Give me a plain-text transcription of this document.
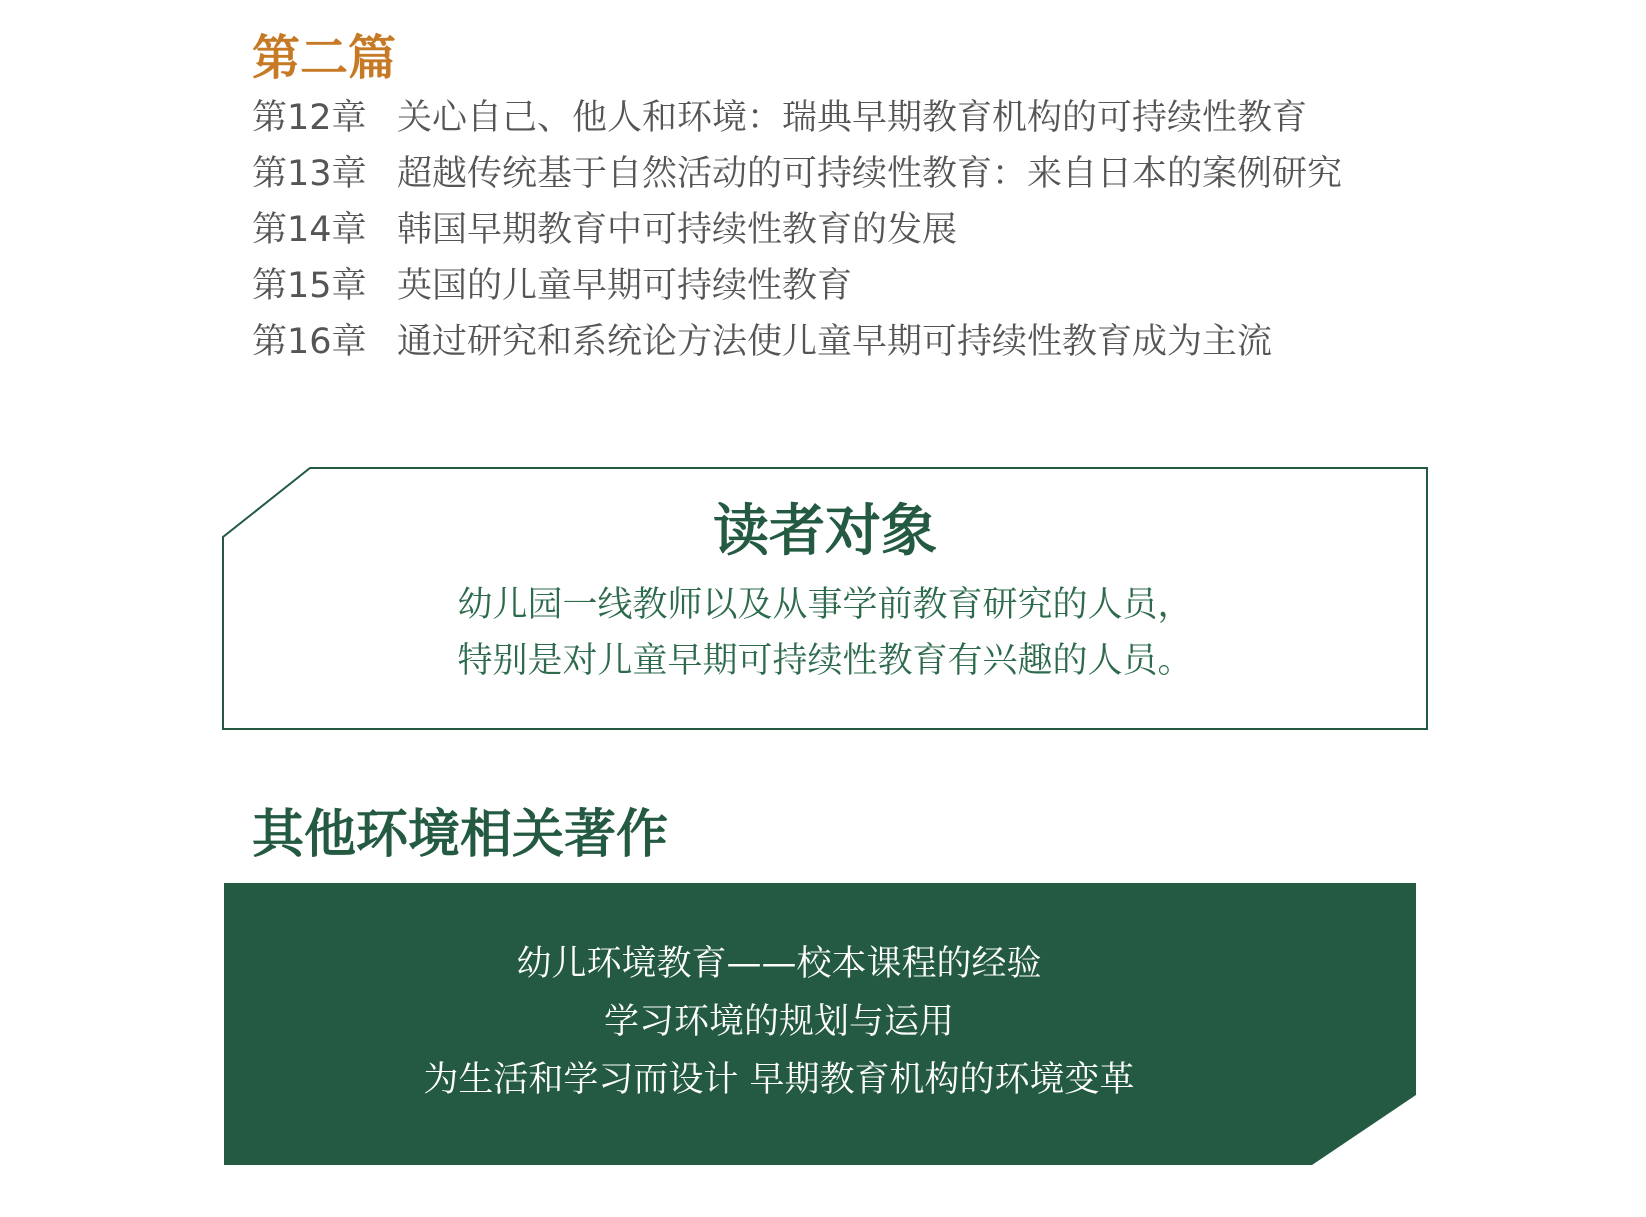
第二篇
第12章 关心自己、他人和环境：瑞典早期教育机构的可持续性教育
第13章 超越传统基于自然活动的可持续性教育：来自日本的案例研究
第14章 韩国早期教育中可持续性教育的发展
第15章 英国的儿童早期可持续性教育
第16章 通过研究和系统论方法使儿童早期可持续性教育成为主流
读者对象
幼儿园一线教师以及从事学前教育研究的人员，
特别是对儿童早期可持续性教育有兴趣的人员。
其他环境相关著作
幼儿环境教育——校本课程的经验
学习环境的规划与运用
为生活和学习而设计 早期教育机构的环境变革
